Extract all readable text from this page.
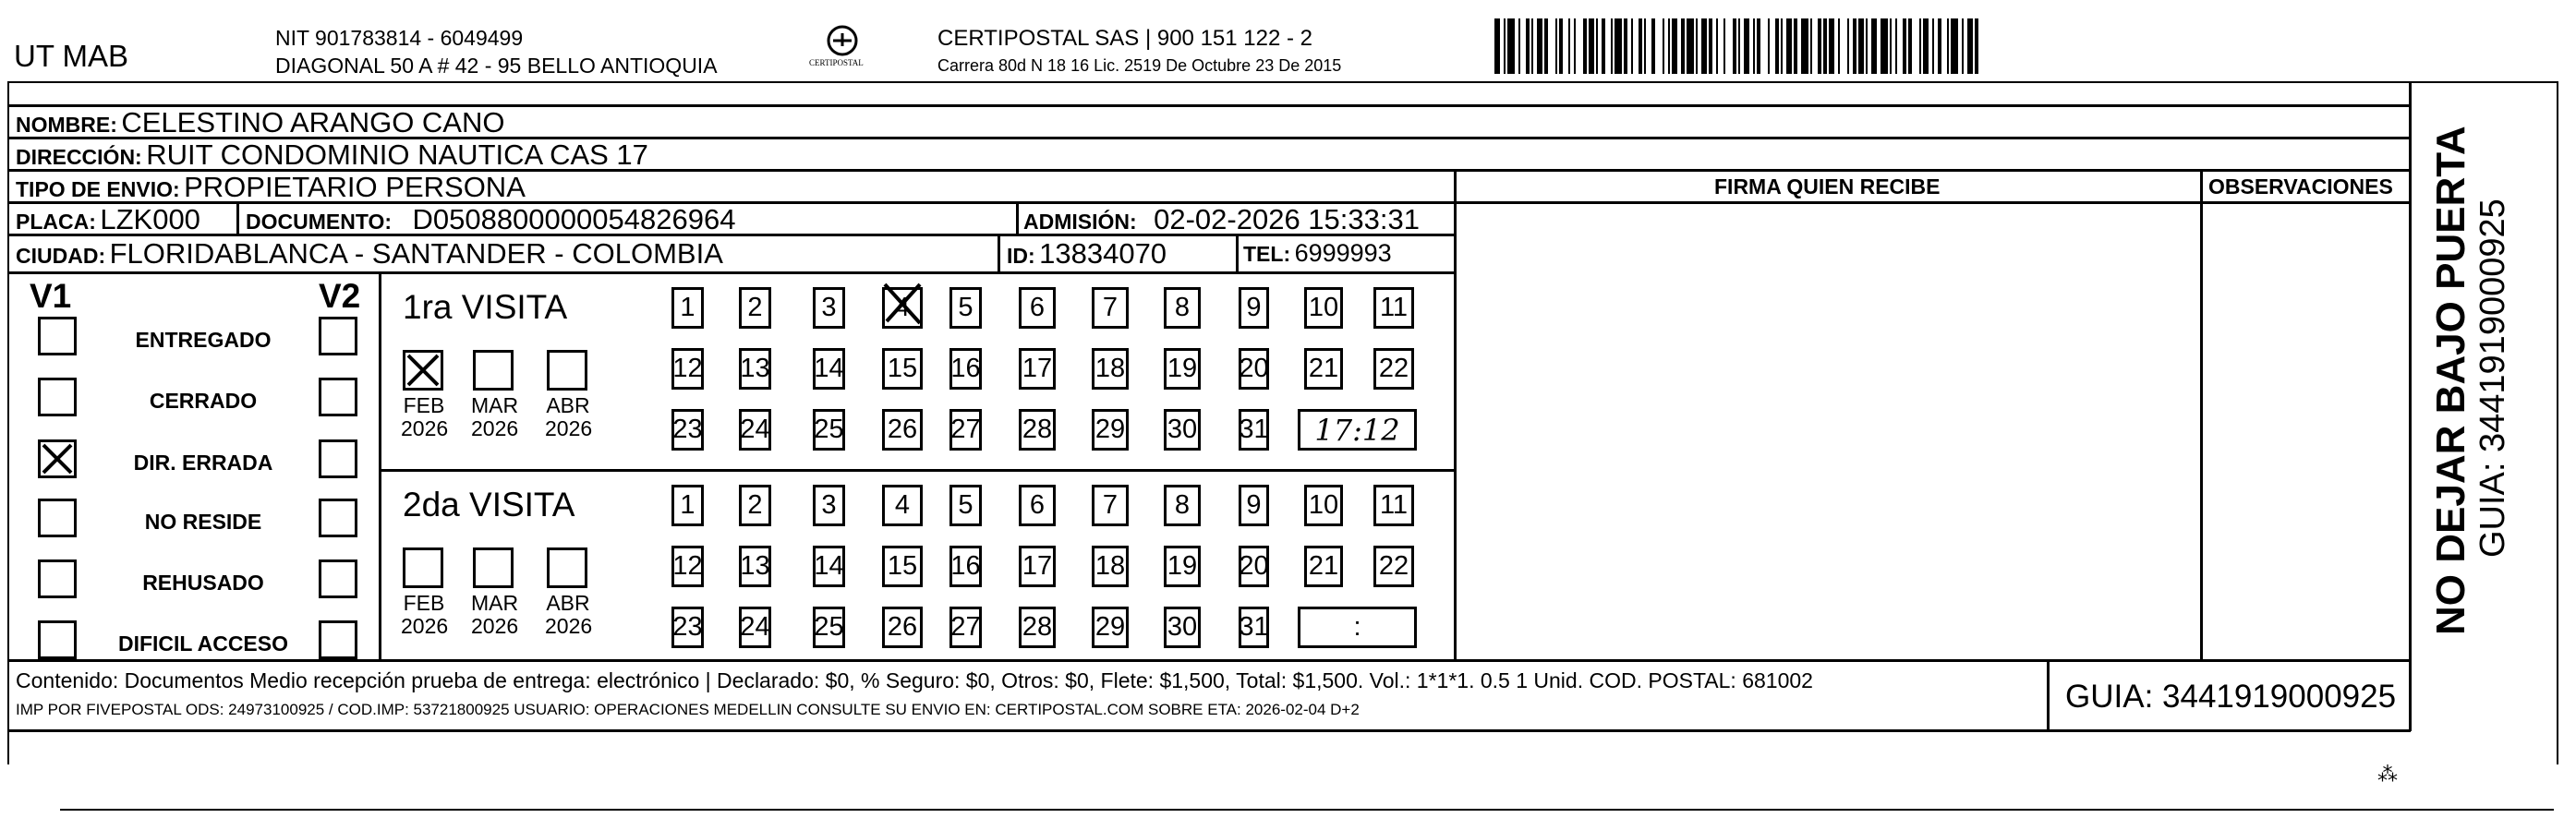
UT MAB
NIT 901783814 - 6049499
DIAGONAL 50 A # 42 - 95 BELLO ANTIOQUIA	CERTIPOSTAL
CERTIPOSTAL SAS | 900 151 122 - 2
Carrera 80d N 18 16 Lic. 2519 De Octubre 23 De 2015
NOMBRE: CELESTINO ARANGO CANO
DIRECCIÓN: RUIT CONDOMINIO NAUTICA CAS 17
TIPO DE ENVIO: PROPIETARIO PERSONA	FIRMA QUIEN RECIBE	OBSERVACIONES
PLACA: LZK000 DOCUMENTO: D0508800000054826964	ADMISIÓN: 02-02-2026 15:33:31
CIUDAD: FLORIDABLANCA - SANTANDER - COLOMBIA	ID: 13834070	TEL: 6999993
V1	V2
ENTREGADO
CERRADO
DIR. ERRADA
NO RESIDE
REHUSADO
DIFICIL ACCESO
1ra VISITA
FEB
2026
MAR
2026
ABR
2026
1 2 3 4 5 6 7 8 9 10 11
12 13 14 15 16 17 18 19 20 21 22
23 24 25 26 27 28 29 30 31 17:12
2da VISITA
FEB
2026
MAR
2026
ABR
2026
1 2 3 4 5 6 7 8 9 10 11
12 13 14 15 16 17 18 19 20 21 22
23 24 25 26 27 28 29 30 31	:
Contenido: Documentos Medio recepción prueba de entrega: electrónico | Declarado: $0, % Seguro: $0, Otros: $0, Flete: $1,500, Total: $1,500. Vol.: 1*1*1. 0.5 1 Unid. COD. POSTAL: 681002
IMP POR FIVEPOSTAL ODS: 24973100925 / COD.IMP: 53721800925 USUARIO: OPERACIONES MEDELLIN CONSULTE SU ENVIO EN: CERTIPOSTAL.COM SOBRE ETA: 2026-02-04 D+2	GUIA: 3441919000925
NO DEJAR BAJO PUERTA GUIA: 3441919000925
⁂
